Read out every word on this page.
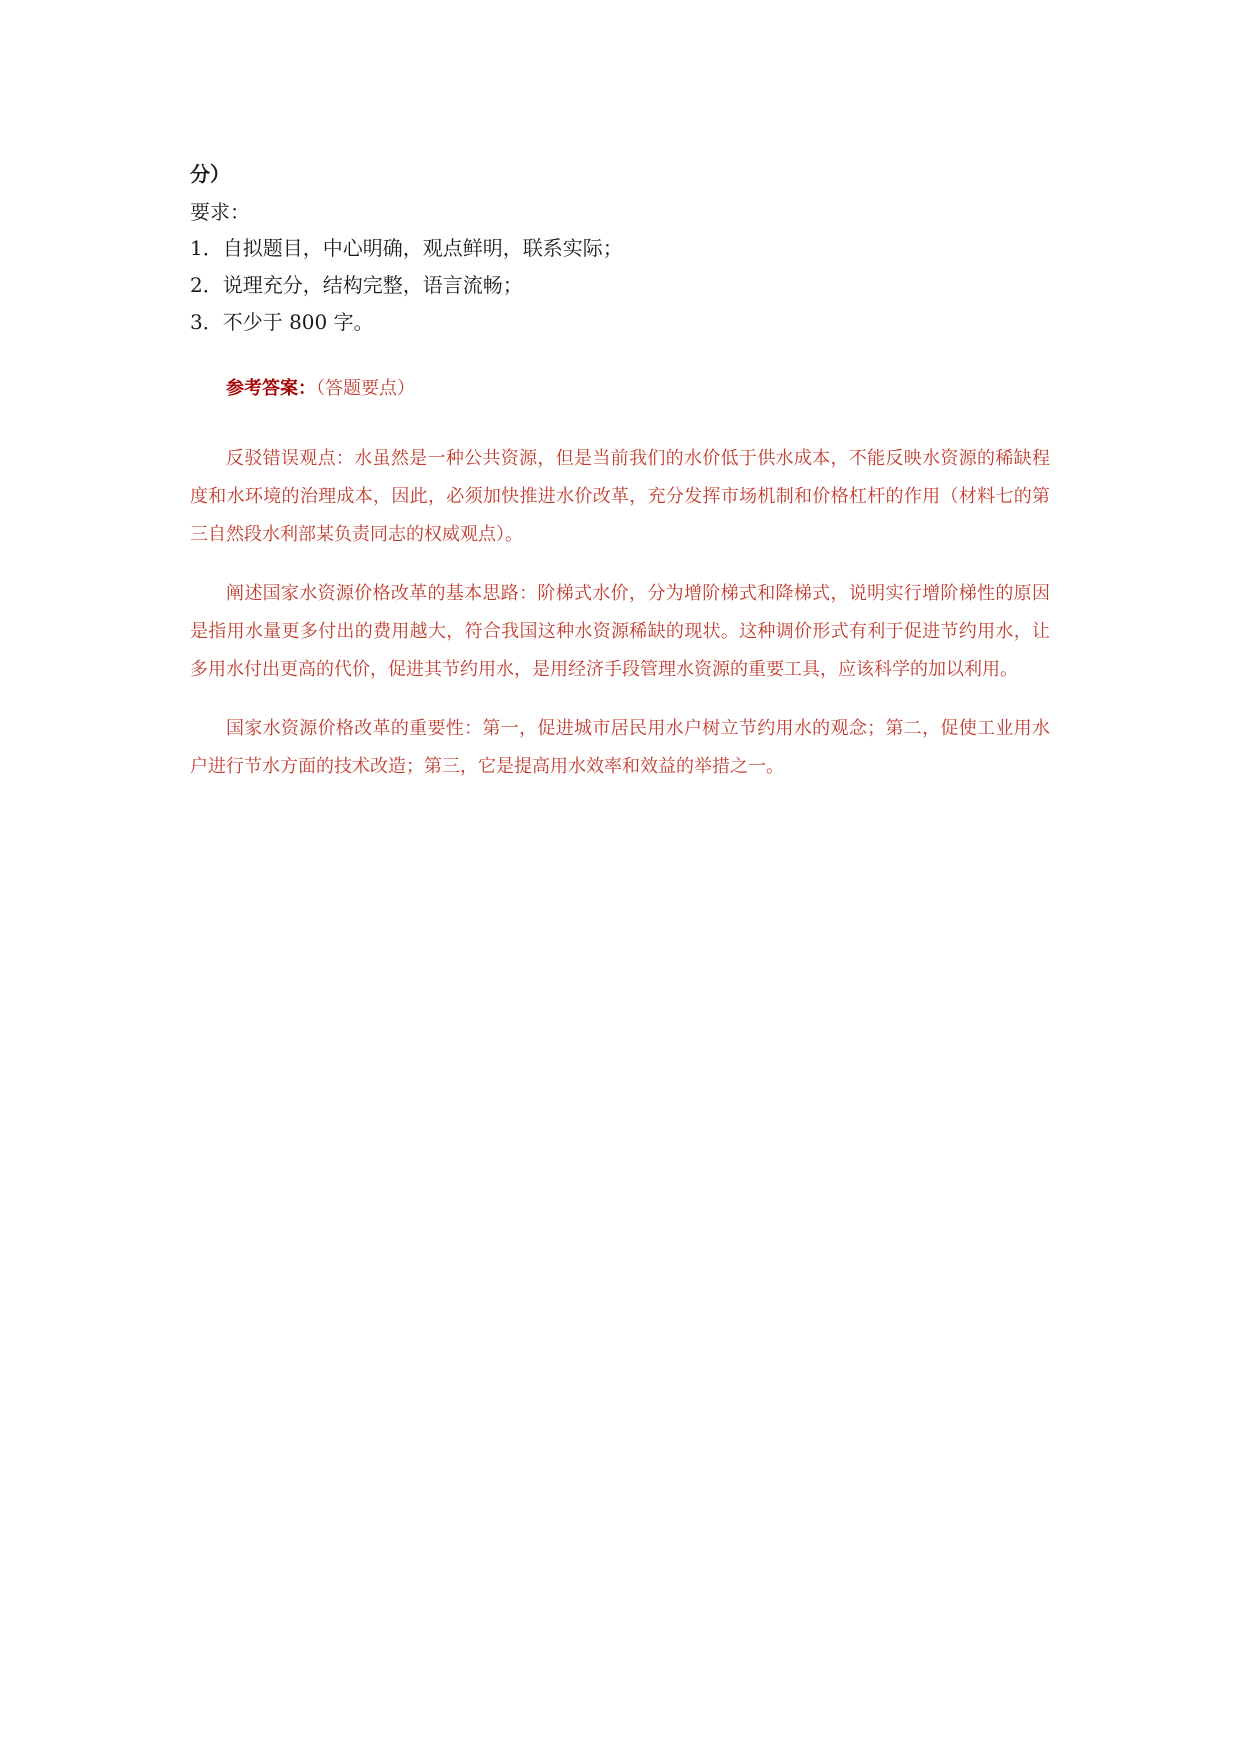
分）

要求：

1．自拟题目，中心明确，观点鲜明，联系实际；

2．说理充分，结构完整，语言流畅；

3．不少于 800 字。

参考答案：（答题要点）

反驳错误观点：水虽然是一种公共资源，但是当前我们的水价低于供水成本，不能反映水资源的稀缺程度和水环境的治理成本，因此，必须加快推进水价改革，充分发挥市场机制和价格杠杆的作用（材料七的第三自然段水利部某负责同志的权威观点）。

阐述国家水资源价格改革的基本思路：阶梯式水价，分为增阶梯式和降梯式，说明实行增阶梯性的原因是指用水量更多付出的费用越大，符合我国这种水资源稀缺的现状。这种调价形式有利于促进节约用水，让多用水付出更高的代价，促进其节约用水，是用经济手段管理水资源的重要工具，应该科学的加以利用。

国家水资源价格改革的重要性：第一，促进城市居民用水户树立节约用水的观念；第二，促使工业用水户进行节水方面的技术改造；第三，它是提高用水效率和效益的举措之一。
